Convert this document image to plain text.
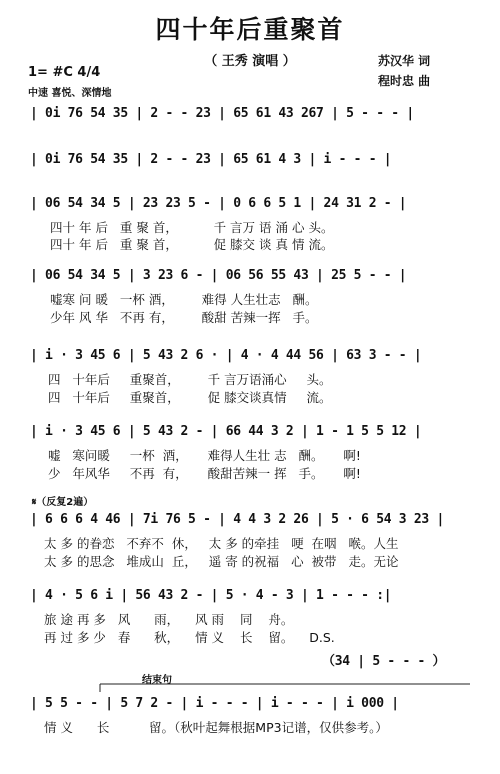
四十年后重聚首
（ 王秀 演唱 ）	苏汉华 词
程时忠 曲
1= #C 4/4
中速 喜悦、深情地
| 0i 76 54 35 | 2 - - 23 | 65 61 43 267 | 5 - - - |
| 0i 76 54 35 | 2 - - 23 | 65 61 4 3 | i - - - |
| 06 54 34 5 | 23 23 5 - | 0 6 6 5 1 | 24 31 2 - |
四十 年 后   重 聚 首，         千 言万 语 涌 心 头。
四十 年 后   重 聚 首，         促 膝交 谈 真 情 流。
| 06 54 34 5 | 3 23 6 - | 06 56 55 43 | 25 5 - - |
嘘寒 问 暖   一杯 酒，       难得 人生壮志   酬。
少年 风 华   不再 有，       酸甜 苦辣一挥   手。
| i · 3 45 6 | 5 43 2 6 · | 4 · 4 44 56 | 63 3 - - |
四   十年后     重聚首，       千 言万语涌心     头。
四   十年后     重聚首，       促 膝交谈真情     流。
| i · 3 45 6 | 5 43 2 - | 66 44 3 2 | 1 - 1 5 5 12 |
嘘   寒问暖     一杯  酒，     难得人生壮 志   酬。     啊!
少   年风华     不再  有，     酸甜苦辣一 挥   手。     啊!
𝄋（反复2遍）
| 6 6 6 4 46 | 7i 76 5 - | 4 4 3 2 26 | 5 · 6 54 3 23 |
太 多 的眷恋   不弃不  休，   太 多 的牵挂   哽  在咽   喉。人生
太 多 的思念   堆成山  丘，   遥 寄 的祝福   心  被带   走。无论
| 4 · 5 6 i | 56 43 2 - | 5 · 4 - 3 | 1 - - - :|
旅 途 再 多   风      雨，    风 雨    同    舟。
再 过 多 少   春      秋，    情 义    长    留。    D.S.
（34 | 5 - - - ）
结束句
| 5 5 - - | 5 7 2 - | i - - - | i - - - | i 000 |
情 义      长          留。（秋叶起舞根据MP3记谱，仅供参考。）
